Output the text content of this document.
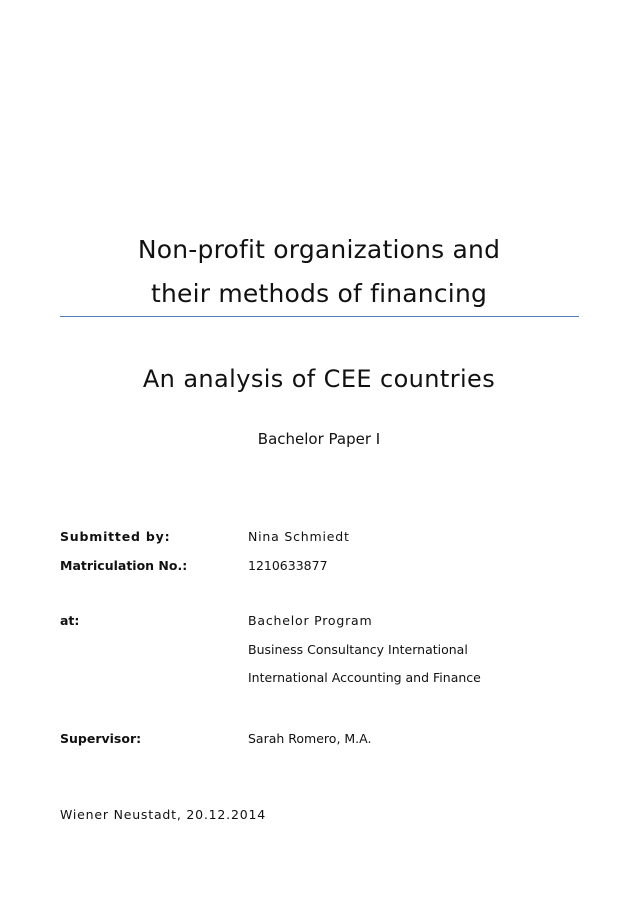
Non-profit organizations and
their methods of financing
An analysis of CEE countries
Bachelor Paper I
Submitted by:	Nina Schmiedt
Matriculation No.:	1210633877
at:	Bachelor Program
Business Consultancy International
International Accounting and Finance
Supervisor:	Sarah Romero, M.A.
Wiener Neustadt, 20.12.2014
